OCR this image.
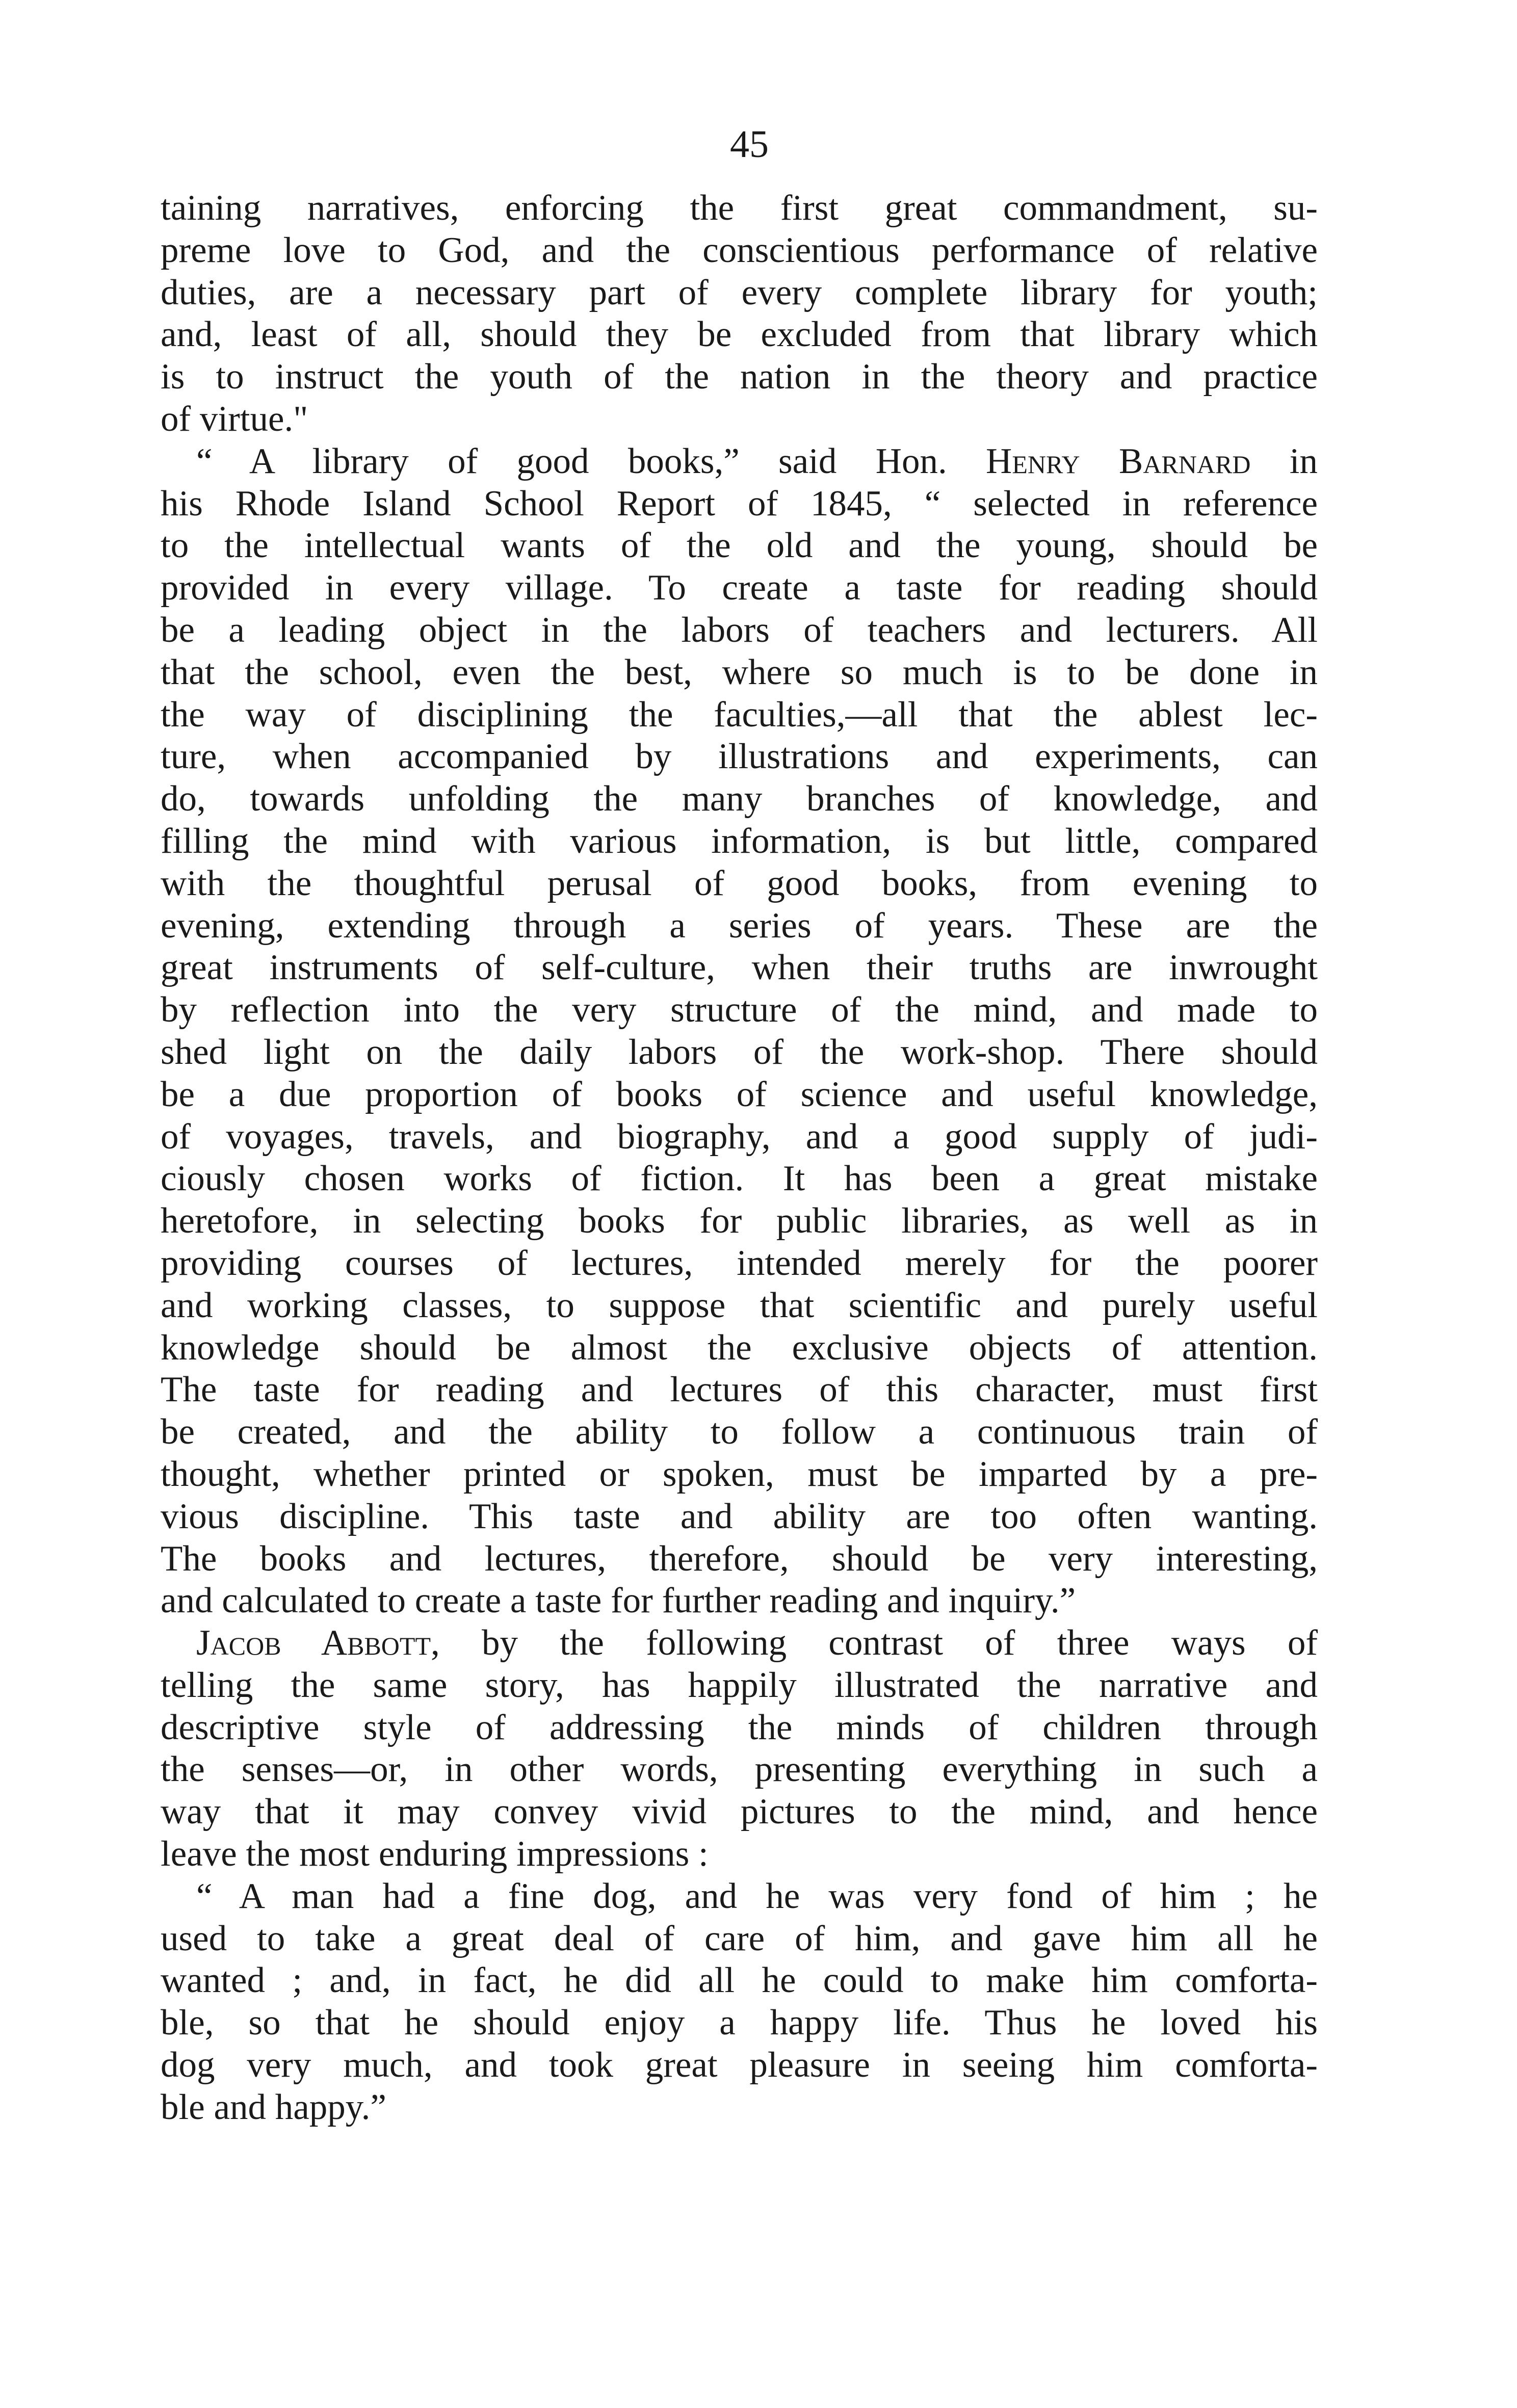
45

taining narratives, enforcing the first great commandment, su-
preme love to God, and the conscientious performance of relative
duties, are a necessary part of every complete library for youth;
and, least of all, should they be excluded from that library which
is to instruct the youth of the nation in the theory and practice
of virtue."

“ A library of good books,” said Hon. Henry Barnard in
his Rhode Island School Report of 1845, “ selected in reference
to the intellectual wants of the old and the young, should be
provided in every village. To create a taste for reading should
be a leading object in the labors of teachers and lecturers. All
that the school, even the best, where so much is to be done in
the way of disciplining the faculties,—all that the ablest lec-
ture, when accompanied by illustrations and experiments, can
do, towards unfolding the many branches of knowledge, and
filling the mind with various information, is but little, compared
with the thoughtful perusal of good books, from evening to
evening, extending through a series of years. These are the
great instruments of self-culture, when their truths are inwrought
by reflection into the very structure of the mind, and made to
shed light on the daily labors of the work-shop. There should
be a due proportion of books of science and useful knowledge,
of voyages, travels, and biography, and a good supply of judi-
ciously chosen works of fiction. It has been a great mistake
heretofore, in selecting books for public libraries, as well as in
providing courses of lectures, intended merely for the poorer
and working classes, to suppose that scientific and purely useful
knowledge should be almost the exclusive objects of attention.
The taste for reading and lectures of this character, must first
be created, and the ability to follow a continuous train of
thought, whether printed or spoken, must be imparted by a pre-
vious discipline. This taste and ability are too often wanting.
The books and lectures, therefore, should be very interesting,
and calculated to create a taste for further reading and inquiry.”

Jacob Abbott, by the following contrast of three ways of
telling the same story, has happily illustrated the narrative and
descriptive style of addressing the minds of children through
the senses—or, in other words, presenting everything in such a
way that it may convey vivid pictures to the mind, and hence
leave the most enduring impressions :

“ A man had a fine dog, and he was very fond of him ; he
used to take a great deal of care of him, and gave him all he
wanted ; and, in fact, he did all he could to make him comforta-
ble, so that he should enjoy a happy life. Thus he loved his
dog very much, and took great pleasure in seeing him comforta-
ble and happy.”
